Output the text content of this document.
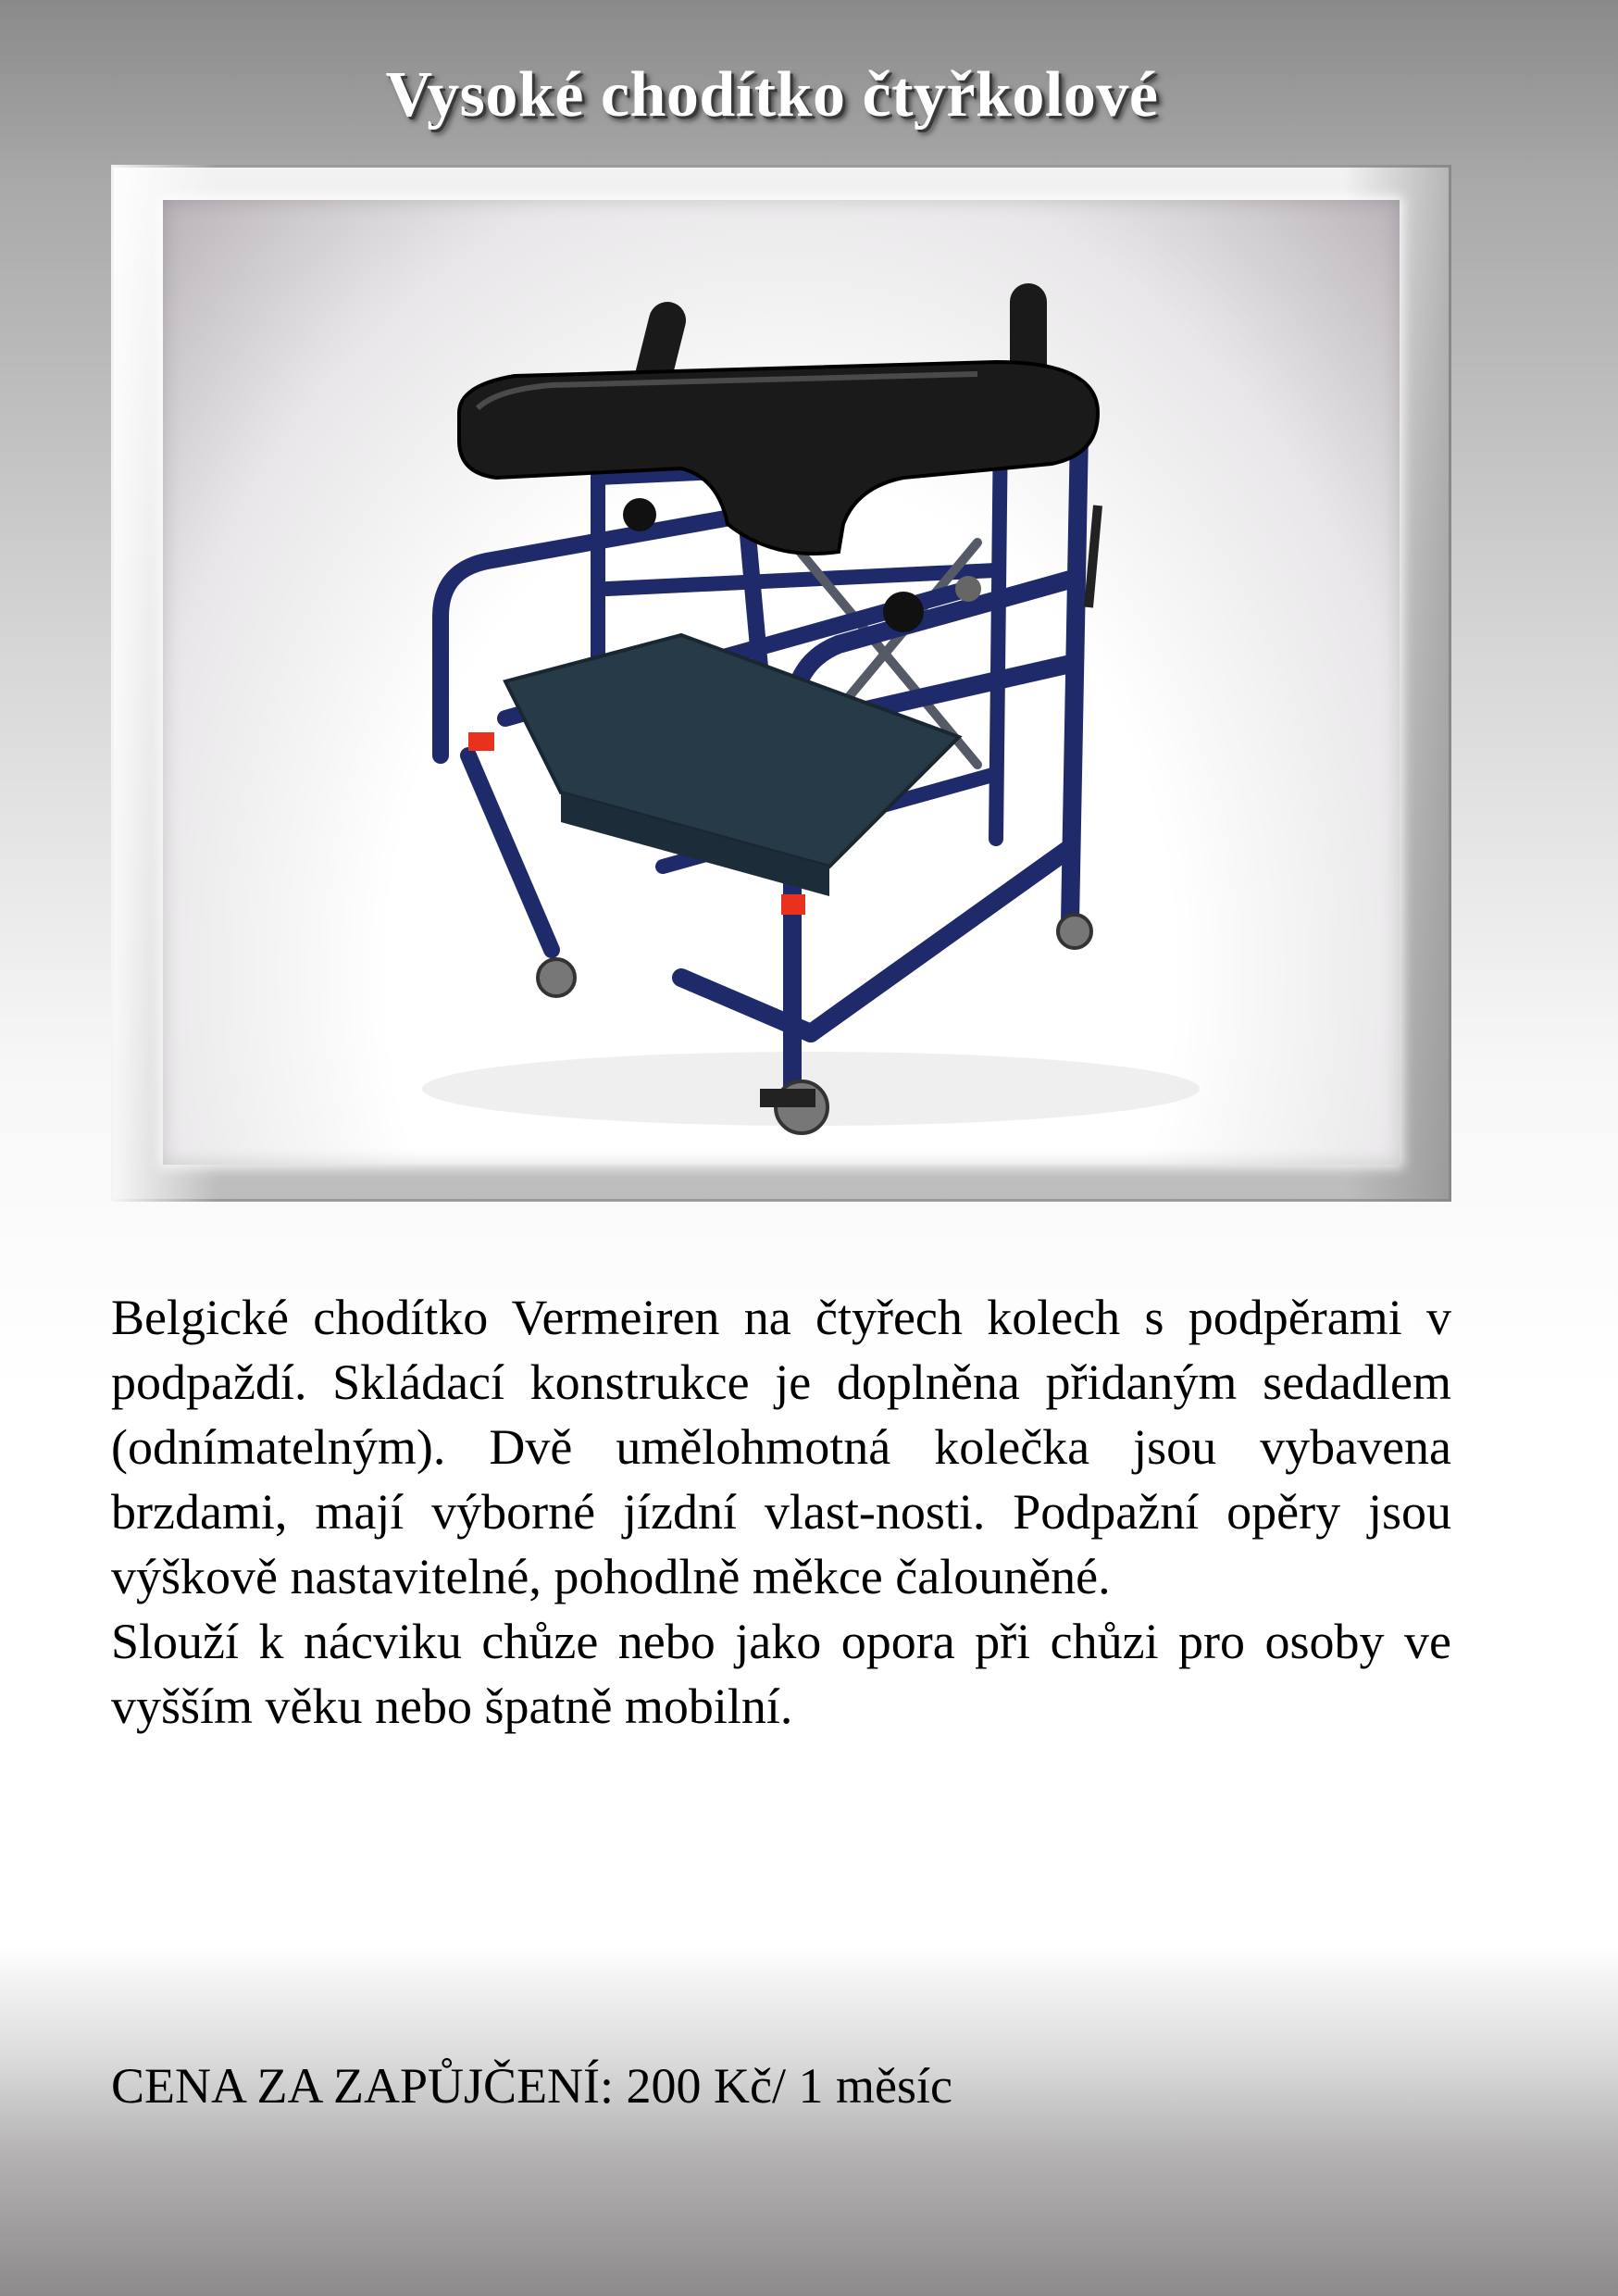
Vysoké chodítko čtyřkolové

Belgické chodítko Vermeiren na čtyřech kolech s podpěrami v podpaždí. Skládací konstrukce je doplněna přidaným sedadlem (odnímatelným). Dvě umělohmotná kolečka jsou vybavena brzdami, mají výborné jízdní vlast-nosti. Podpažní opěry jsou výškově nastavitelné, pohodlně měkce čalouněné.

Slouží k nácviku chůze nebo jako opora při chůzi pro osoby ve vyšším věku nebo špatně mobilní.

CENA ZA ZAPŮJČENÍ: 200 Kč/ 1 měsíc
